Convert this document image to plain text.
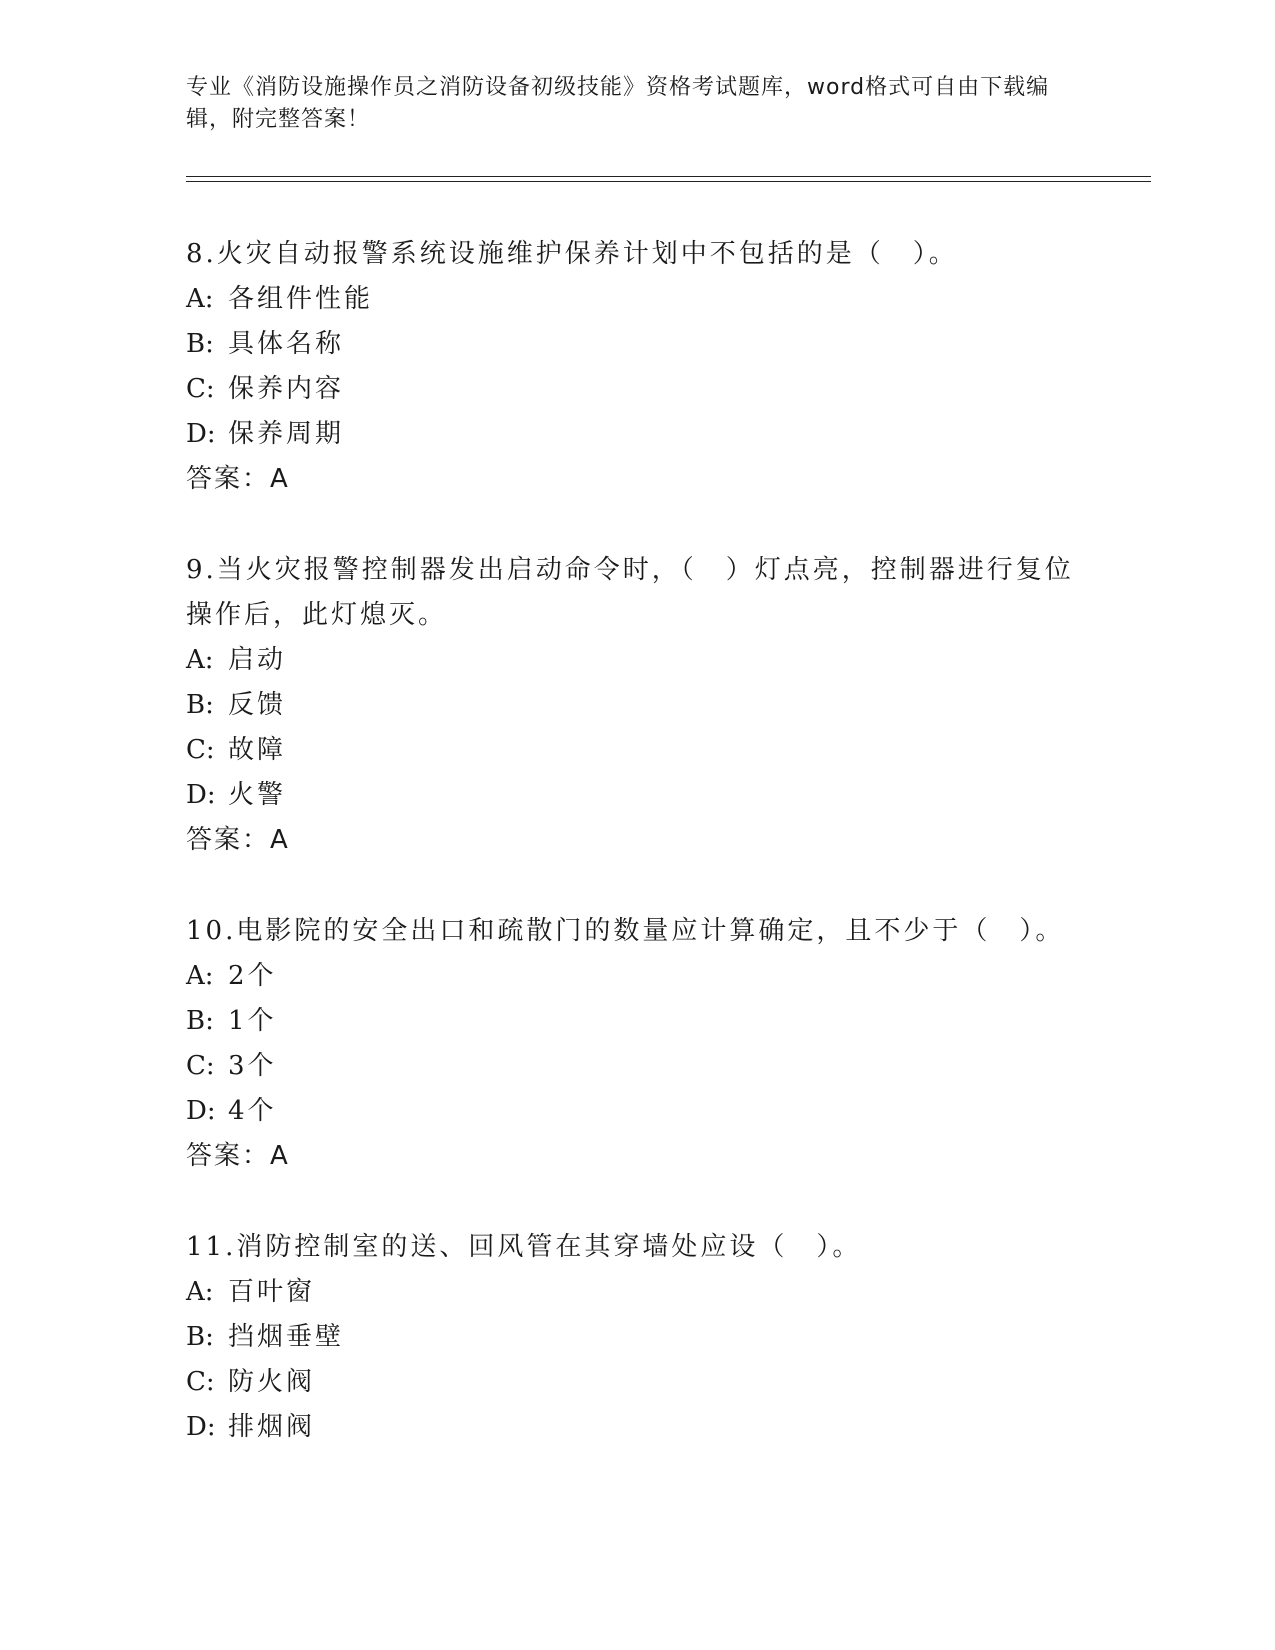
专业《消防设施操作员之消防设备初级技能》资格考试题库，word格式可自由下载编辑，附完整答案！

8.火灾自动报警系统设施维护保养计划中不包括的是（　）。

A: 各组件性能

B: 具体名称

C: 保养内容

D: 保养周期

答案：A

9.当火灾报警控制器发出启动命令时，（　）灯点亮，控制器进行复位操作后，此灯熄灭。

A: 启动

B: 反馈

C: 故障

D: 火警

答案：A

10.电影院的安全出口和疏散门的数量应计算确定，且不少于（　）。

A: 2个

B: 1个

C: 3个

D: 4个

答案：A

11.消防控制室的送、回风管在其穿墙处应设（　）。

A: 百叶窗

B: 挡烟垂壁

C: 防火阀

D: 排烟阀
